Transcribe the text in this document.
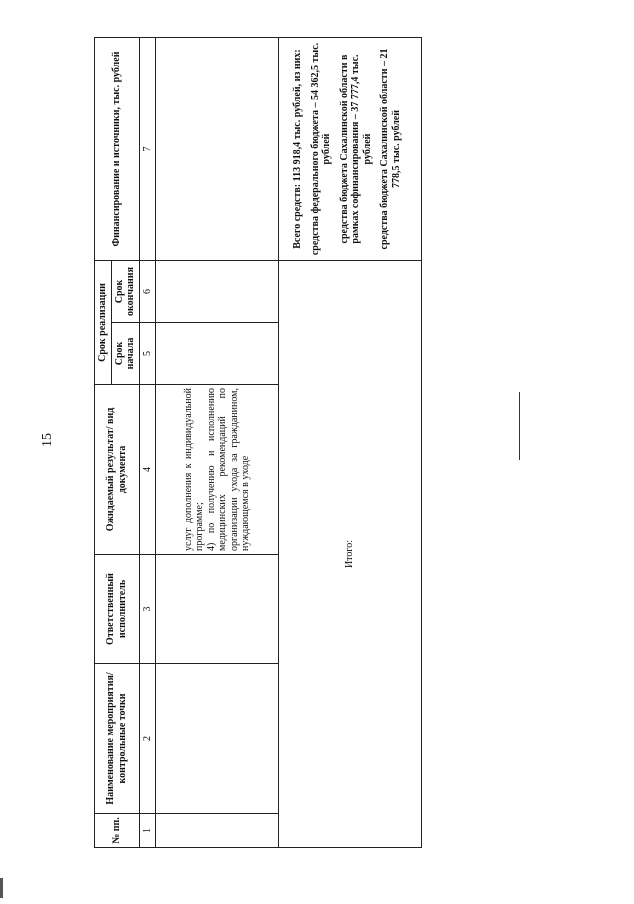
15
№ пп.	Наименование мероприятия/ контрольные точки	Ответственный исполнитель	Ожидаемый результат/ вид документа	Срок реализации		Финансирование и источники, тыс. рублей
				Срок начала	Срок окончания	
1	2	3	4	5	6	7

			услуг дополнения к индивидуальной программе;
4) по получению и исполнению медицинских рекомендаций по организации ухода за гражданином, нуждающемся в уходе			

Итого:						Всего средств: 113 918,4 тыс. рублей, из них: средства федерального бюджета – 54 362,5 тыс. рублей средства бюджета Сахалинской области в рамках софинансирования – 37 777,4 тыс. рублей средства бюджета Сахалинской области – 21 778,5 тыс. рублей
